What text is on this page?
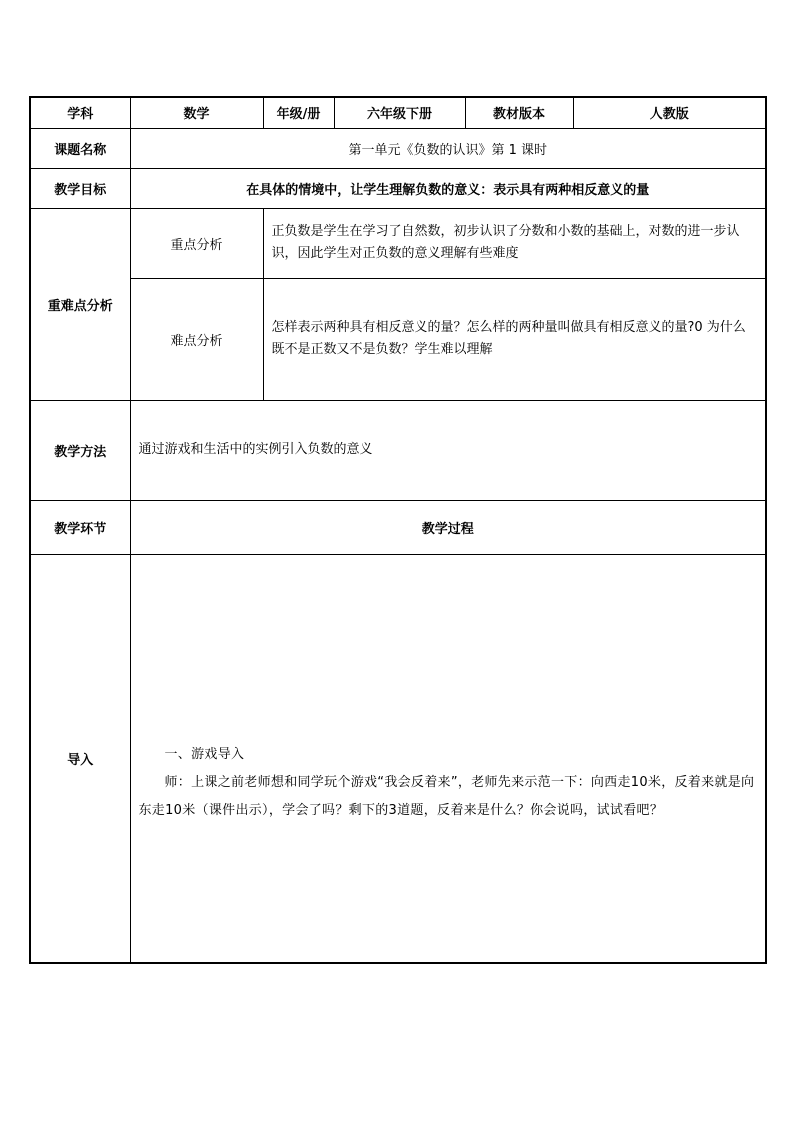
学科	数学	年级/册	六年级下册	教材版本	人教版
课题名称	第一单元《负数的认识》第 1 课时				
教学目标	在具体的情境中，让学生理解负数的意义：表示具有两种相反意义的量				
重难点分析	重点分析	正负数是学生在学习了自然数，初步认识了分数和小数的基础上，对数的进一步认识，因此学生对正负数的意义理解有些难度			
	难点分析	怎样表示两种具有相反意义的量？怎么样的两种量叫做具有相反意义的量?0 为什么既不是正数又不是负数？学生难以理解			
教学方法	通过游戏和生活中的实例引入负数的意义				
教学环节	教学过程				
导入	一、游戏导入

师：上课之前老师想和同学玩个游戏“我会反着来”，老师先来示范一下：向西走10米，反着来就是向东走10米（课件出示），学会了吗？剩下的3道题，反着来是什么？你会说吗，试试看吧？				
